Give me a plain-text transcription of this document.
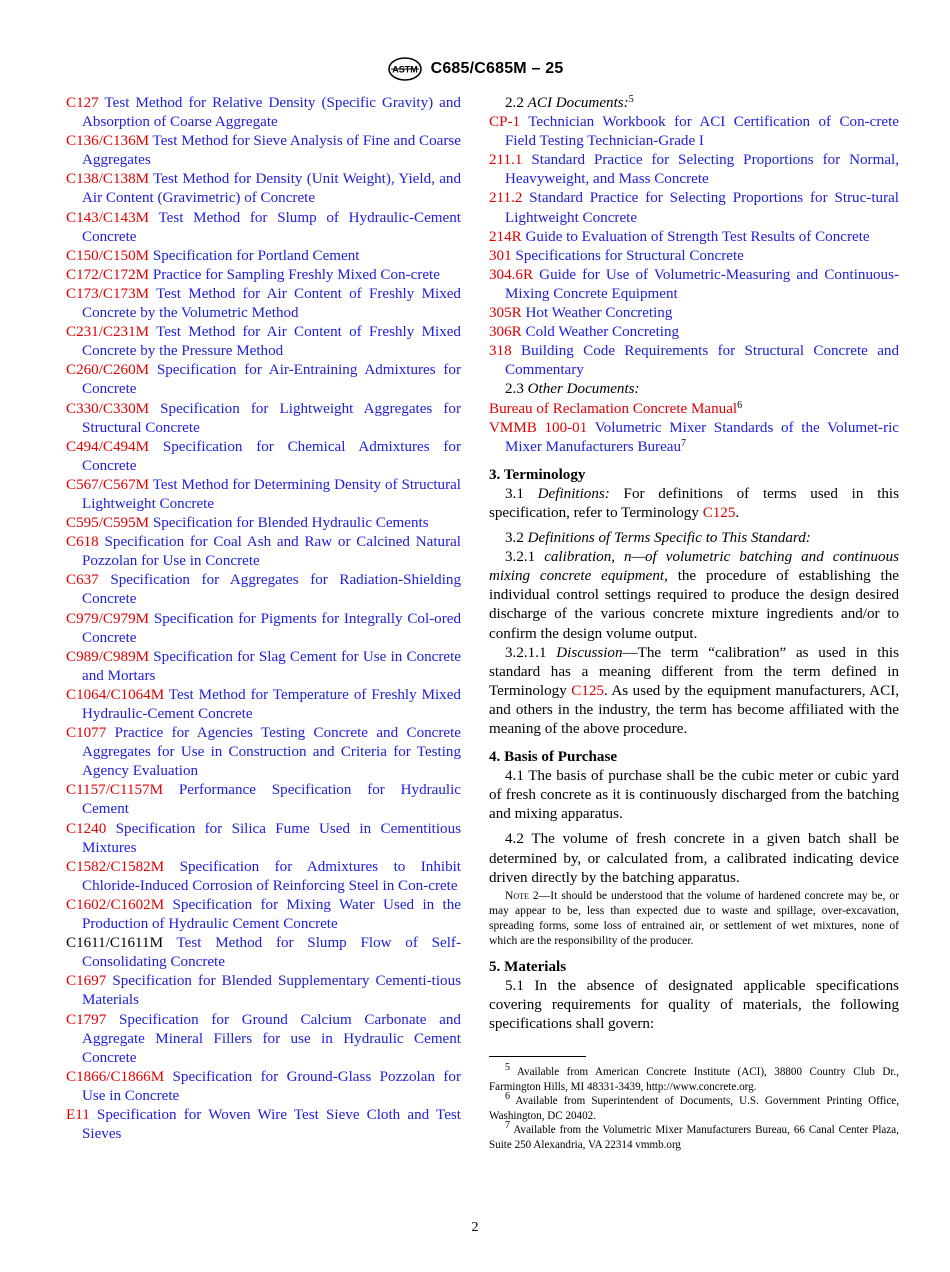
ASTM C685/C685M – 25
C127 Test Method for Relative Density (Specific Gravity) and Absorption of Coarse Aggregate
C136/C136M Test Method for Sieve Analysis of Fine and Coarse Aggregates
C138/C138M Test Method for Density (Unit Weight), Yield, and Air Content (Gravimetric) of Concrete
C143/C143M Test Method for Slump of Hydraulic-Cement Concrete
C150/C150M Specification for Portland Cement
C172/C172M Practice for Sampling Freshly Mixed Con-crete
C173/C173M Test Method for Air Content of Freshly Mixed Concrete by the Volumetric Method
C231/C231M Test Method for Air Content of Freshly Mixed Concrete by the Pressure Method
C260/C260M Specification for Air-Entraining Admixtures for Concrete
C330/C330M Specification for Lightweight Aggregates for Structural Concrete
C494/C494M Specification for Chemical Admixtures for Concrete
C567/C567M Test Method for Determining Density of Structural Lightweight Concrete
C595/C595M Specification for Blended Hydraulic Cements
C618 Specification for Coal Ash and Raw or Calcined Natural Pozzolan for Use in Concrete
C637 Specification for Aggregates for Radiation-Shielding Concrete
C979/C979M Specification for Pigments for Integrally Col-ored Concrete
C989/C989M Specification for Slag Cement for Use in Concrete and Mortars
C1064/C1064M Test Method for Temperature of Freshly Mixed Hydraulic-Cement Concrete
C1077 Practice for Agencies Testing Concrete and Concrete Aggregates for Use in Construction and Criteria for Testing Agency Evaluation
C1157/C1157M Performance Specification for Hydraulic Cement
C1240 Specification for Silica Fume Used in Cementitious Mixtures
C1582/C1582M Specification for Admixtures to Inhibit Chloride-Induced Corrosion of Reinforcing Steel in Con-crete
C1602/C1602M Specification for Mixing Water Used in the Production of Hydraulic Cement Concrete
C1611/C1611M Test Method for Slump Flow of Self-Consolidating Concrete
C1697 Specification for Blended Supplementary Cementi-tious Materials
C1797 Specification for Ground Calcium Carbonate and Aggregate Mineral Fillers for use in Hydraulic Cement Concrete
C1866/C1866M Specification for Ground-Glass Pozzolan for Use in Concrete
E11 Specification for Woven Wire Test Sieve Cloth and Test Sieves

2.2 ACI Documents:$^5$

CP-1 Technician Workbook for ACI Certification of Con-crete Field Testing Technician-Grade I
211.1 Standard Practice for Selecting Proportions for Normal, Heavyweight, and Mass Concrete
211.2 Standard Practice for Selecting Proportions for Struc-tural Lightweight Concrete
214R Guide to Evaluation of Strength Test Results of Concrete
301 Specifications for Structural Concrete
304.6R Guide for Use of Volumetric-Measuring and Continuous-Mixing Concrete Equipment
305R Hot Weather Concreting
306R Cold Weather Concreting
318 Building Code Requirements for Structural Concrete and Commentary

2.3 Other Documents:

Bureau of Reclamation Concrete Manual$^6$
VMMB 100-01 Volumetric Mixer Standards of the Volumet-ric Mixer Manufacturers Bureau$^7$

3. Terminology

3.1 Definitions: For definitions of terms used in this specification, refer to Terminology C125.

3.2 Definitions of Terms Specific to This Standard:

3.2.1 calibration, n—of volumetric batching and continuous mixing concrete equipment, the procedure of establishing the individual control settings required to produce the design desired discharge of the various concrete mixture ingredients and/or to confirm the design volume output.

3.2.1.1 Discussion—The term “calibration” as used in this standard has a meaning different from the term defined in Terminology C125. As used by the equipment manufacturers, ACI, and others in the industry, the term has become affiliated with the meaning of the above procedure.

4. Basis of Purchase

4.1 The basis of purchase shall be the cubic meter or cubic yard of fresh concrete as it is continuously discharged from the batching and mixing apparatus.

4.2 The volume of fresh concrete in a given batch shall be determined by, or calculated from, a calibrated indicating device driven directly by the batching apparatus.

Note 2—It should be understood that the volume of hardened concrete may be, or may appear to be, less than expected due to waste and spillage, over-excavation, spreading forms, some loss of entrained air, or settlement of wet mixtures, none of which are the responsibility of the producer.

5. Materials

5.1 In the absence of designated applicable specifications covering requirements for quality of materials, the following specifications shall govern:

$^5$ Available from American Concrete Institute (ACI), 38800 Country Club Dr., Farmington Hills, MI 48331-3439, http://www.concrete.org.
$^6$ Available from Superintendent of Documents, U.S. Government Printing Office, Washington, DC 20402.
$^7$ Available from the Volumetric Mixer Manufacturers Bureau, 66 Canal Center Plaza, Suite 250 Alexandria, VA 22314 vmmb.org
2
